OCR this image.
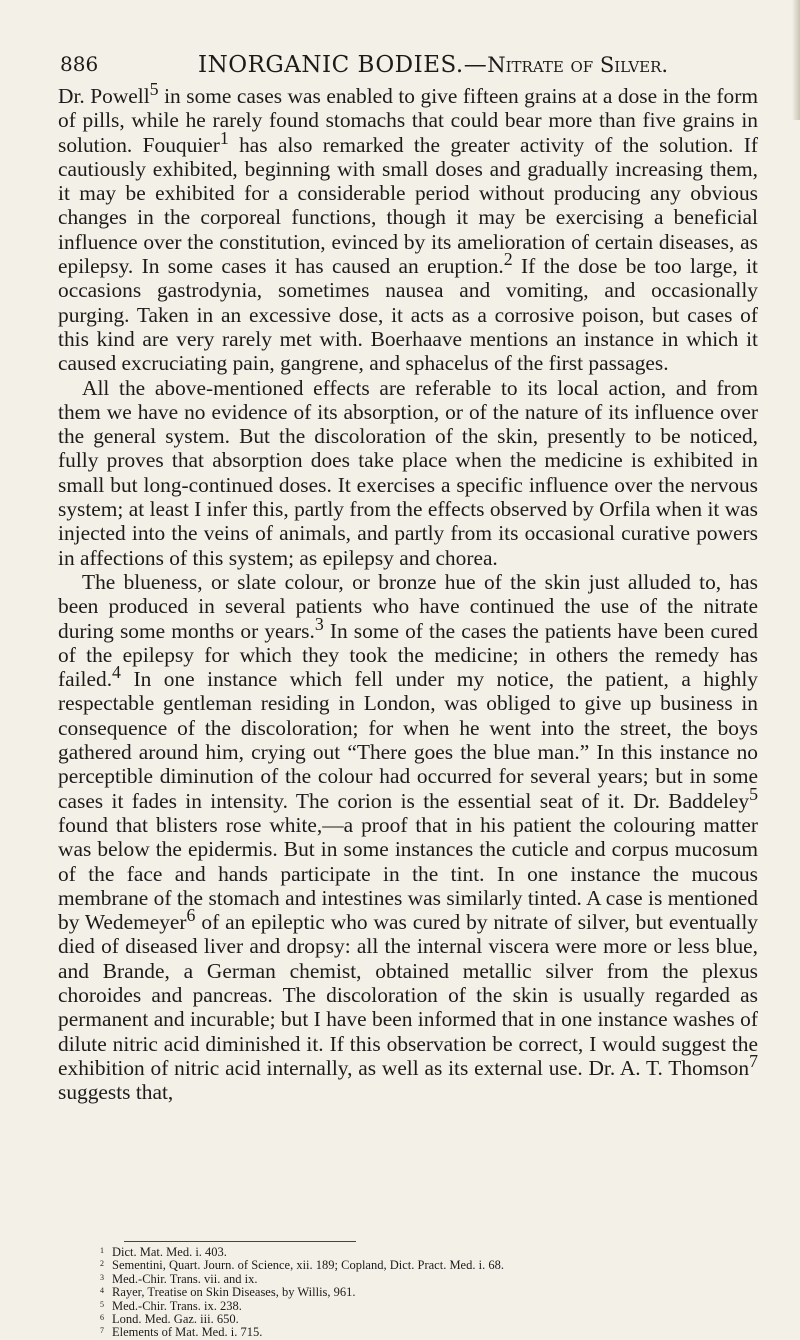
886	INORGANIC BODIES.—Nitrate of Silver.

Dr. Powell$^5$ in some cases was enabled to give fifteen grains at a dose in the form of pills, while he rarely found stomachs that could bear more than five grains in solution. Fouquier$^1$ has also remarked the greater activity of the solution. If cautiously exhibited, beginning with small doses and gradually increasing them, it may be exhibited for a considerable period without producing any obvious changes in the corporeal functions, though it may be exercising a beneficial influence over the constitution, evinced by its amelioration of certain diseases, as epilepsy. In some cases it has caused an eruption.$^2$ If the dose be too large, it occasions gastrodynia, sometimes nausea and vomiting, and occasionally purging. Taken in an excessive dose, it acts as a corrosive poison, but cases of this kind are very rarely met with. Boerhaave mentions an instance in which it caused excruciating pain, gangrene, and sphacelus of the first passages.

All the above-mentioned effects are referable to its local action, and from them we have no evidence of its absorption, or of the nature of its influence over the general system. But the discoloration of the skin, presently to be noticed, fully proves that absorption does take place when the medicine is exhibited in small but long-continued doses. It exercises a specific influence over the nervous system; at least I infer this, partly from the effects observed by Orfila when it was injected into the veins of animals, and partly from its occasional curative powers in affections of this system; as epilepsy and chorea.

The blueness, or slate colour, or bronze hue of the skin just alluded to, has been produced in several patients who have continued the use of the nitrate during some months or years.$^3$ In some of the cases the patients have been cured of the epilepsy for which they took the medicine; in others the remedy has failed.$^4$ In one instance which fell under my notice, the patient, a highly respectable gentleman residing in London, was obliged to give up business in consequence of the discoloration; for when he went into the street, the boys gathered around him, crying out “There goes the blue man.” In this instance no perceptible diminution of the colour had occurred for several years; but in some cases it fades in intensity. The corion is the essential seat of it. Dr. Baddeley$^5$ found that blisters rose white,—a proof that in his patient the colouring matter was below the epidermis. But in some instances the cuticle and corpus mucosum of the face and hands participate in the tint. In one instance the mucous membrane of the stomach and intestines was similarly tinted. A case is mentioned by Wedemeyer$^6$ of an epileptic who was cured by nitrate of silver, but eventually died of diseased liver and dropsy: all the internal viscera were more or less blue, and Brande, a German chemist, obtained metallic silver from the plexus choroides and pancreas. The discoloration of the skin is usually regarded as permanent and incurable; but I have been informed that in one instance washes of dilute nitric acid diminished it. If this observation be correct, I would suggest the exhibition of nitric acid internally, as well as its external use. Dr. A. T. Thomson$^7$ suggests that,

$^1$ Dict. Mat. Med. i. 403.
$^2$ Sementini, Quart. Journ. of Science, xii. 189; Copland, Dict. Pract. Med. i. 68.
$^3$ Med.-Chir. Trans. vii. and ix.
$^4$ Rayer, Treatise on Skin Diseases, by Willis, 961.
$^5$ Med.-Chir. Trans. ix. 238.
$^6$ Lond. Med. Gaz. iii. 650.
$^7$ Elements of Mat. Med. i. 715.
